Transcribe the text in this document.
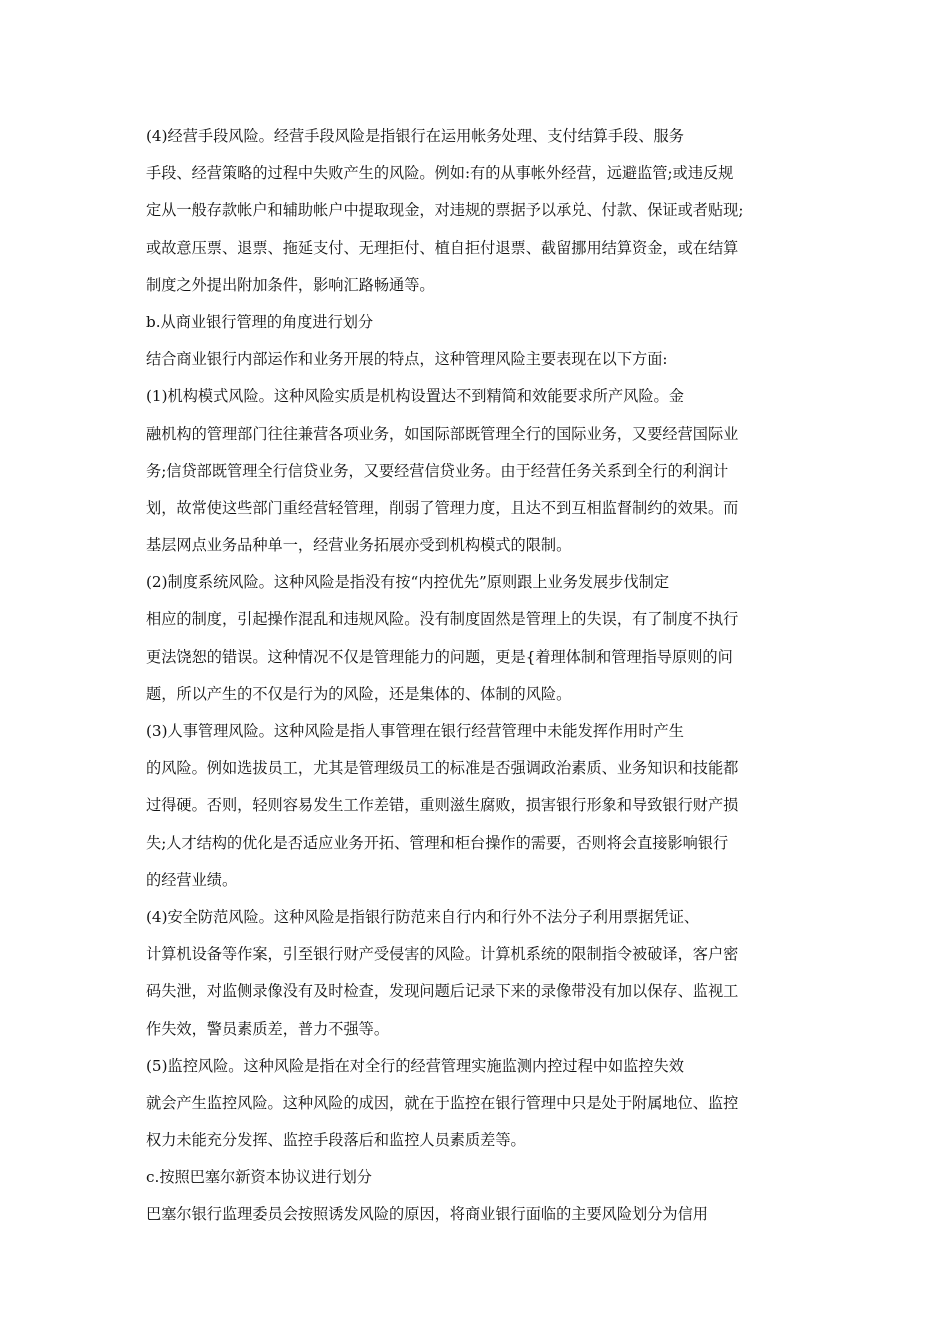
(4)经营手段风险。经营手段风险是指银行在运用帐务处理、支付结算手段、服务
手段、经营策略的过程中失败产生的风险。例如:有的从事帐外经营，远避监管;或违反规
定从一般存款帐户和辅助帐户中提取现金，对违规的票据予以承兑、付款、保证或者贴现;
或故意压票、退票、拖延支付、无理拒付、植自拒付退票、截留挪用结算资金，或在结算
制度之外提出附加条件，影响汇路畅通等。
b.从商业银行管理的角度进行划分
结合商业银行内部运作和业务开展的特点，这种管理风险主要表现在以下方面:
(1)机构模式风险。这种风险实质是机构设置达不到精简和效能要求所产风险。金
融机构的管理部门往往兼营各项业务，如国际部既管理全行的国际业务，又要经营国际业
务;信贷部既管理全行信贷业务，又要经营信贷业务。由于经营任务关系到全行的利润计
划，故常使这些部门重经营轻管理，削弱了管理力度，且达不到互相监督制约的效果。而
基层网点业务品种单一，经营业务拓展亦受到机构模式的限制。
(2)制度系统风险。这种风险是指没有按“内控优先”原则跟上业务发展步伐制定
相应的制度，引起操作混乱和违规风险。没有制度固然是管理上的失误，有了制度不执行
更法饶恕的错误。这种情况不仅是管理能力的问题，更是{着理体制和管理指导原则的问
题，所以产生的不仅是行为的风险，还是集体的、体制的风险。
(3)人事管理风险。这种风险是指人事管理在银行经营管理中未能发挥作用时产生
的风险。例如选拔员工，尤其是管理级员工的标准是否强调政治素质、业务知识和技能都
过得硬。否则，轻则容易发生工作差错，重则滋生腐败，损害银行形象和导致银行财产损
失;人才结构的优化是否适应业务开拓、管理和柜台操作的需要，否则将会直接影响银行
的经营业绩。
(4)安全防范风险。这种风险是指银行防范来自行内和行外不法分子利用票据凭证、
计算机设备等作案，引至银行财产受侵害的风险。计算机系统的限制指令被破译，客户密
码失泄，对监侧录像没有及时检查，发现问题后记录下来的录像带没有加以保存、监视工
作失效，警员素质差，普力不强等。
(5)监控风险。这种风险是指在对全行的经营管理实施监测内控过程中如监控失效
就会产生监控风险。这种风险的成因，就在于监控在银行管理中只是处于附属地位、监控
权力未能充分发挥、监控手段落后和监控人员素质差等。
c.按照巴塞尔新资本协议进行划分
巴塞尔银行监理委员会按照诱发风险的原因，将商业银行面临的主要风险划分为信用
